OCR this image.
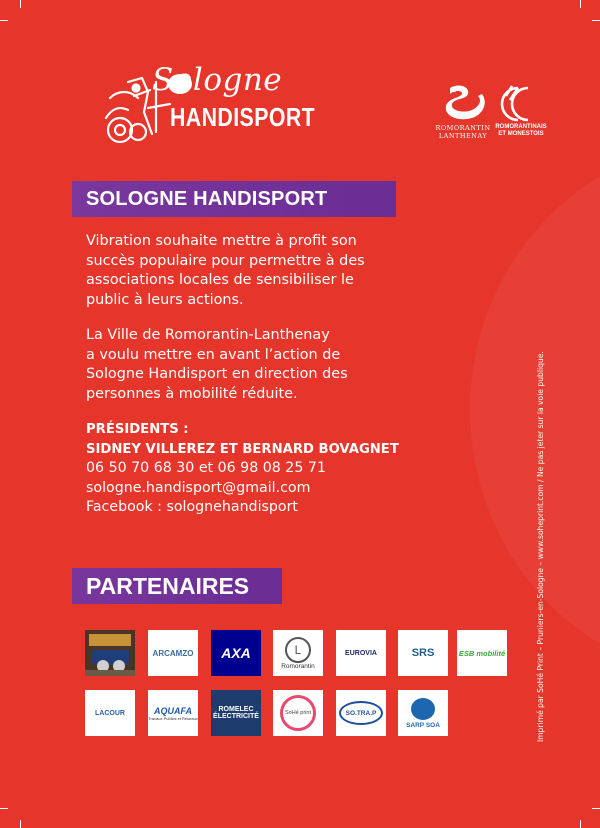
Sologne
HANDISPORT	ROMORANTIN
LANTHENAY
ROMORANTINAIS
ET MONESTOIS
SOLOGNE HANDISPORT
Vibration souhaite mettre à profit son
succès populaire pour permettre à des
associations locales de sensibiliser le
public à leurs actions.
La Ville de Romorantin-Lanthenay
a voulu mettre en avant l’action de
Sologne Handisport en direction des
personnes à mobilité réduite.
PRÉSIDENTS :
SIDNEY VILLEREZ ET BERNARD BOVAGNET
06 50 70 68 30 et 06 98 08 25 71
sologne.handisport@gmail.com
Facebook : solognehandisport
PARTENAIRES
ARCAMZO AXA	L
Romorantin
EUROVIA	SRS	ESB mobilité
LACOUR	AQUAFA
Travaux Publics et Réseaux
ROMELEC ÉLECTRICITÉ	SoHé print	SO.TRA.P
SARP SOA	Imprimé par SoHé Print – Pruniers-en-Sologne – www.soheprint.com / Ne pas jeter sur la voie publique.
